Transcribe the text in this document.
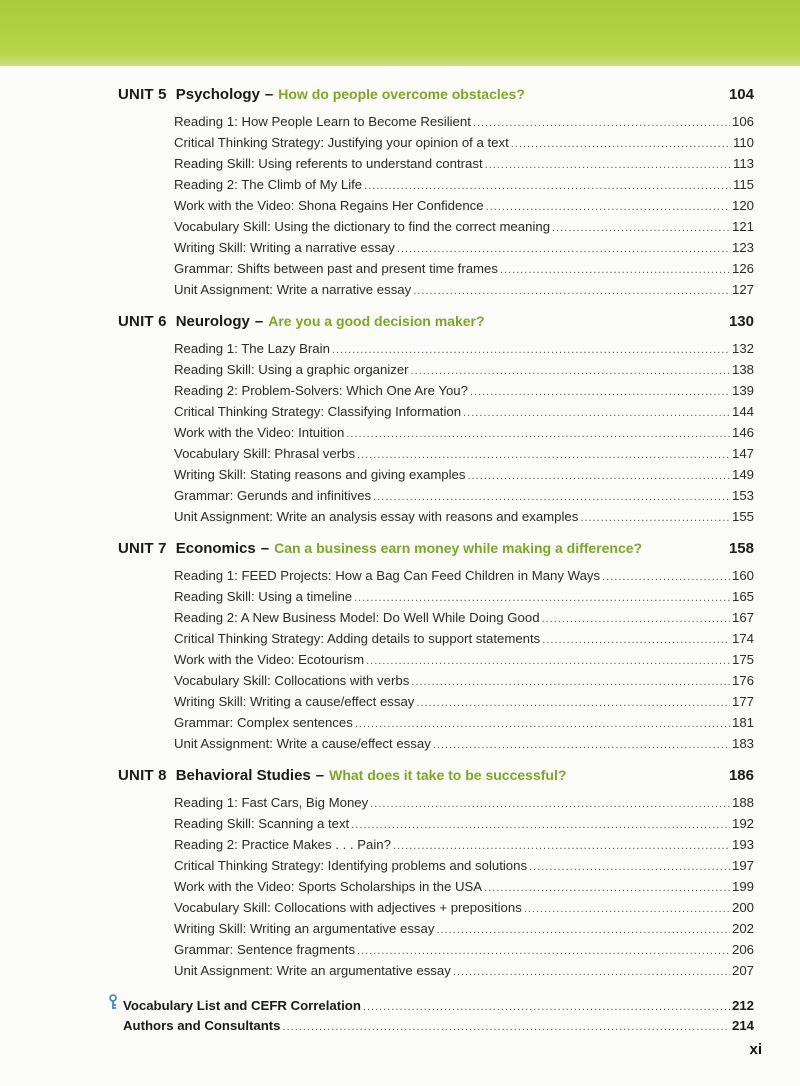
UNIT 5 Psychology – How do people overcome obstacles?	104
Reading 1: How People Learn to Become Resilient .....	106
Critical Thinking Strategy: Justifying your opinion of a text .....	110
Reading Skill: Using referents to understand contrast .....	113
Reading 2: The Climb of My Life .....	115
Work with the Video: Shona Regains Her Confidence .....	120
Vocabulary Skill: Using the dictionary to find the correct meaning .....	121
Writing Skill: Writing a narrative essay .....	123
Grammar: Shifts between past and present time frames .....	126
Unit Assignment: Write a narrative essay .....	127
UNIT 6 Neurology – Are you a good decision maker?	130
Reading 1: The Lazy Brain .....	132
Reading Skill: Using a graphic organizer .....	138
Reading 2: Problem-Solvers: Which One Are You? .....	139
Critical Thinking Strategy: Classifying Information .....	144
Work with the Video: Intuition .....	146
Vocabulary Skill: Phrasal verbs .....	147
Writing Skill: Stating reasons and giving examples .....	149
Grammar: Gerunds and infinitives .....	153
Unit Assignment: Write an analysis essay with reasons and examples .....	155
UNIT 7 Economics – Can a business earn money while making a difference?	158
Reading 1: FEED Projects: How a Bag Can Feed Children in Many Ways .....	160
Reading Skill: Using a timeline .....	165
Reading 2: A New Business Model: Do Well While Doing Good .....	167
Critical Thinking Strategy: Adding details to support statements .....	174
Work with the Video: Ecotourism .....	175
Vocabulary Skill: Collocations with verbs .....	176
Writing Skill: Writing a cause/effect essay .....	177
Grammar: Complex sentences .....	181
Unit Assignment: Write a cause/effect essay .....	183
UNIT 8 Behavioral Studies – What does it take to be successful?	186
Reading 1: Fast Cars, Big Money .....	188
Reading Skill: Scanning a text .....	192
Reading 2: Practice Makes . . . Pain? .....	193
Critical Thinking Strategy: Identifying problems and solutions .....	197
Work with the Video: Sports Scholarships in the USA .....	199
Vocabulary Skill: Collocations with adjectives + prepositions .....	200
Writing Skill: Writing an argumentative essay .....	202
Grammar: Sentence fragments .....	206
Unit Assignment: Write an argumentative essay .....	207
Vocabulary List and CEFR Correlation .....	212
Authors and Consultants .....	214
xi
